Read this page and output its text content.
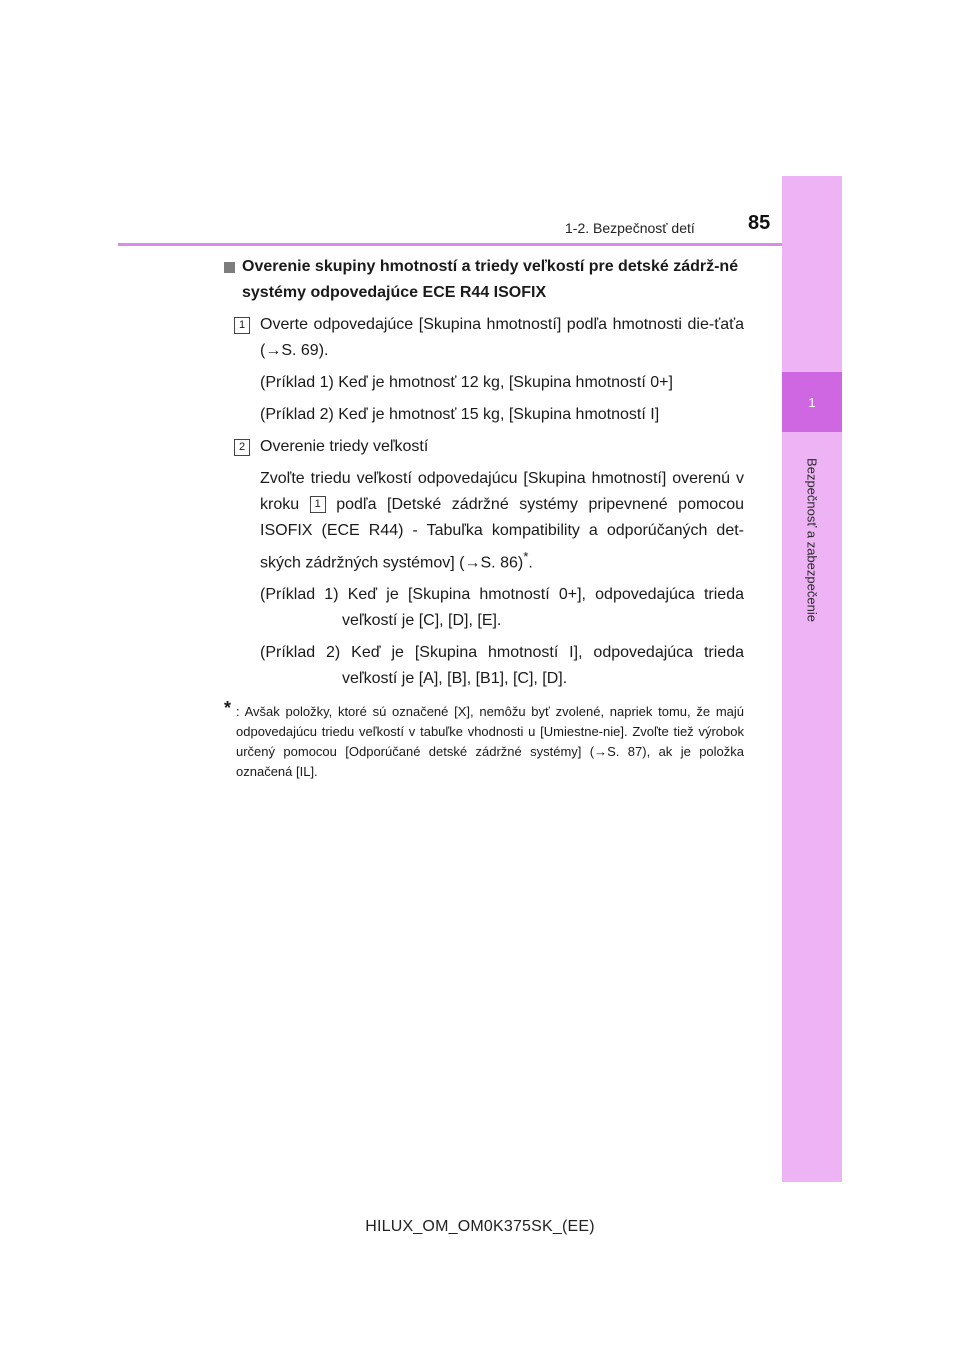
1
Bezpečnosť a zabezpečenie
1-2. Bezpečnosť detí	85

Overenie skupiny hmotností a triedy veľkostí pre detské zádrž-né systémy odpovedajúce ECE R44 ISOFIX

1 Overte odpovedajúce [Skupina hmotností] podľa hmotnosti die-ťaťa (→S. 69).

(Príklad 1) Keď je hmotnosť 12 kg, [Skupina hmotností 0+]

(Príklad 2) Keď je hmotnosť 15 kg, [Skupina hmotností I]

2 Overenie triedy veľkostí

Zvoľte triedu veľkostí odpovedajúcu [Skupina hmotností] overenú v kroku 1 podľa [Detské zádržné systémy pripevnené pomocou ISOFIX (ECE R44) - Tabuľka kompatibility a odporúčaných det-ských zádržných systémov] (→S. 86)*.

(Príklad 1) Keď je [Skupina hmotností 0+], odpovedajúca trieda veľkostí je [C], [D], [E].

(Príklad 2) Keď je [Skupina hmotností I], odpovedajúca trieda veľkostí je [A], [B], [B1], [C], [D].

* : Avšak položky, ktoré sú označené [X], nemôžu byť zvolené, napriek tomu, že majú odpovedajúcu triedu veľkostí v tabuľke vhodnosti u [Umiestne-nie]. Zvoľte tiež výrobok určený pomocou [Odporúčané detské zádržné systémy] (→S. 87), ak je položka označená [IL].
HILUX_OM_OM0K375SK_(EE)
